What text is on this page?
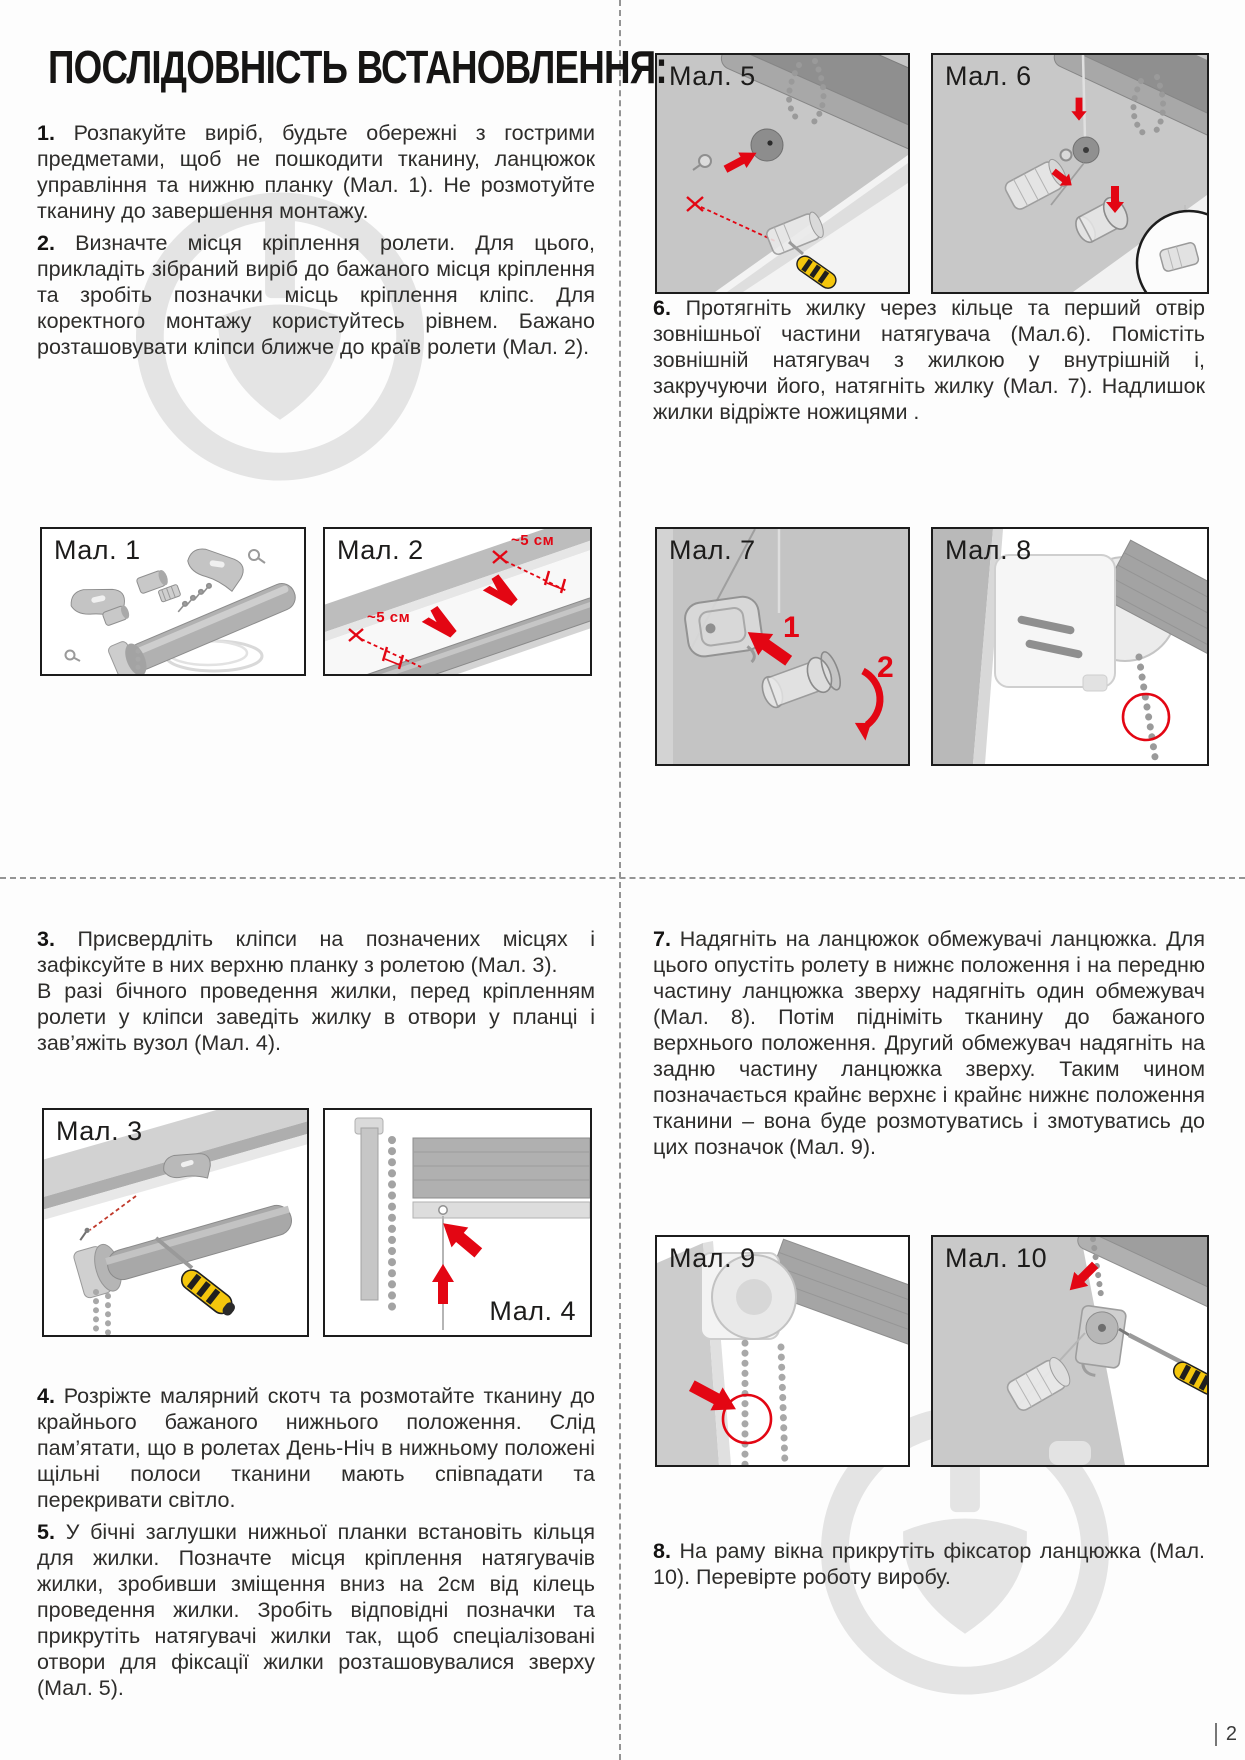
ПОСЛІДОВНІСТЬ ВСТАНОВЛЕННЯ:

1. Розпакуйте виріб, будьте обережні з гострими предметами, щоб не пошкодити тканину, ланцюжок управління та нижню планку (Мал. 1). Не розмотуйте тканину до завершення монтажу.

2. Визначте місця кріплення ролети. Для цього, прикладіть зібраний виріб до бажаного місця кріплення та зробіть позначки місць кріплення кліпс. Для коректного монтажу користуйтесь рівнем. Бажано розташовувати кліпси ближче до країв ролети (Мал. 2).

6. Протягніть жилку через кільце та перший отвір зовнішньої частини натягувача (Мал.6). Помістіть зовнішній натягувач з жилкою у внутрішній і, закручуючи його, натягніть жилку (Мал. 7). Надлишок жилки відріжте ножицями .

3. Присвердліть кліпси на позначених місцях і зафіксуйте в них верхню планку з ролетою (Мал. 3).

В разі бічного проведення жилки, перед кріпленням ролети у кліпси заведіть жилку в отвори у планці і зав’яжіть вузол (Мал. 4).

4. Розріжте малярний скотч та розмотайте тканину до крайнього бажаного нижнього положення. Слід пам’ятати, що в ролетах День-Ніч в нижньому положені щільні полоси тканини мають співпадати та перекривати світло.

5. У бічні заглушки нижньої планки встановіть кільця для жилки. Позначте місця кріплення натягувачів жилки, зробивши зміщення вниз на 2см від кілець проведення жилки. Зробіть відповідні позначки та прикрутіть натягувачі жилки так, щоб спеціалізовані отвори для фіксації жилки розташовувалися зверху (Мал. 5).

7. Надягніть на ланцюжок обмежувачі ланцюжка. Для цього опустіть ролету в нижнє положення і на передню частину ланцюжка зверху надягніть один обмежувач (Мал. 8). Потім підніміть тканину до бажаного верхнього положення. Другий обмежувач надягніть на задню частину ланцюжка зверху. Таким чином позначається крайнє верхнє і крайнє нижнє положення тканини – вона буде розмотуватись і змотуватись до цих позначок (Мал. 9).

8. На раму вікна прикрутіть фіксатор ланцюжка (Мал. 10). Перевірте роботу виробу.

Мал. 1	Мал. 2	~5 см
~5 см
Мал. 5	Мал. 6
Мал. 7
1
2
Мал. 8
Мал. 3
Мал. 4
Мал. 9	Мал. 10
2
